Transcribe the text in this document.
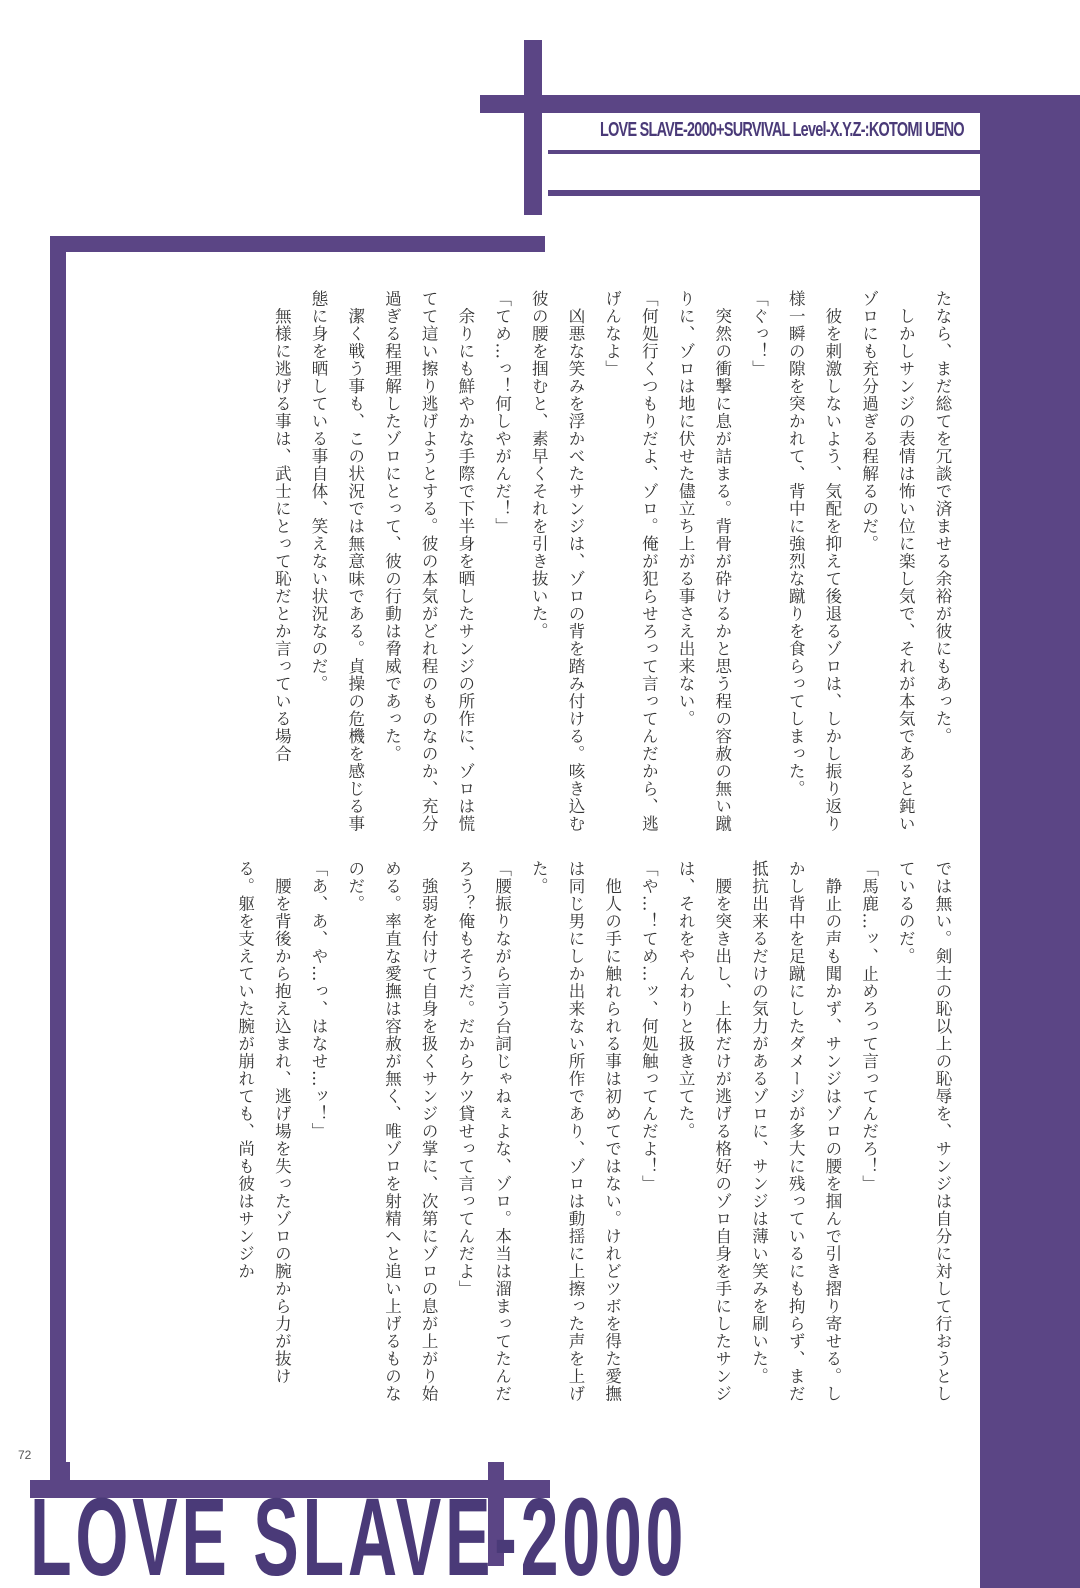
LOVE SLAVE-2000+SURVIVAL Level-X.Y.Z-:KOTOMI UENO

たなら、まだ総てを冗談で済ませる余裕が彼にもあった。

　しかしサンジの表情は怖い位に楽し気で、それが本気であると鈍いゾロにも充分過ぎる程解るのだ。

　彼を刺激しないよう、気配を抑えて後退るゾロは、しかし振り返り様一瞬の隙を突かれて、背中に強烈な蹴りを食らってしまった。

「ぐっ！」

　突然の衝撃に息が詰まる。背骨が砕けるかと思う程の容赦の無い蹴りに、ゾロは地に伏せた儘立ち上がる事さえ出来ない。

「何処行くつもりだよ、ゾロ。俺が犯らせろって言ってんだから、逃げんなよ」

　凶悪な笑みを浮かべたサンジは、ゾロの背を踏み付ける。咳き込む彼の腰を掴むと、素早くそれを引き抜いた。

「てめ…っ！何しやがんだ！」

　余りにも鮮やかな手際で下半身を晒したサンジの所作に、ゾロは慌てて這い擦り逃げようとする。彼の本気がどれ程のものなのか、充分過ぎる程理解したゾロにとって、彼の行動は脅威であった。

　潔く戦う事も、この状況では無意味である。貞操の危機を感じる事態に身を晒している事自体、笑えない状況なのだ。

　無様に逃げる事は、武士にとって恥だとか言っている場合

では無い。剣士の恥以上の恥辱を、サンジは自分に対して行おうとしているのだ。

「馬鹿…ッ、止めろって言ってんだろ！」

　静止の声も聞かず、サンジはゾロの腰を掴んで引き摺り寄せる。しかし背中を足蹴にしたダメージが多大に残っているにも拘らず、まだ抵抗出来るだけの気力があるゾロに、サンジは薄い笑みを刷いた。

　腰を突き出し、上体だけが逃げる格好のゾロ自身を手にしたサンジは、それをやんわりと扱き立てた。

「や…！てめ…ッ、何処触ってんだよ！」

　他人の手に触れられる事は初めてではない。けれどツボを得た愛撫は同じ男にしか出来ない所作であり、ゾロは動揺に上擦った声を上げた。

「腰振りながら言う台詞じゃねぇよな、ゾロ。本当は溜まってたんだろう？俺もそうだ。だからケツ貸せって言ってんだよ」

　強弱を付けて自身を扱くサンジの掌に、次第にゾロの息が上がり始める。率直な愛撫は容赦が無く、唯ゾロを射精へと追い上げるものなのだ。

「あ、あ、や…っ、はなせ…ッ！」

　腰を背後から抱え込まれ、逃げ場を失ったゾロの腕から力が抜ける。躯を支えていた腕が崩れても、尚も彼はサンジか

72
LOVE SLAVE-2000
